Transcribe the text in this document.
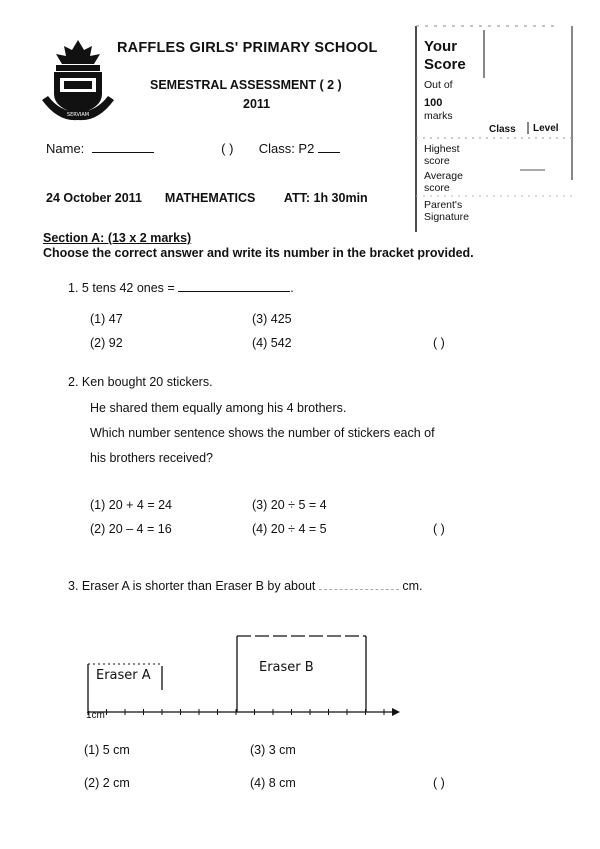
SERVIAM
RAFFLES GIRLS' PRIMARY SCHOOL
SEMESTRAL ASSESSMENT ( 2 )
2011
Your
Score
Out of
100
marks
Class Level
Highest
score
Average
score
Parent's
Signature
Name:	( ) Class: P2
24 October 2011 MATHEMATICS ATT: 1h 30min
Section A: (13 x 2 marks)
Choose the correct answer and write its number in the bracket provided.
1. 5 tens 42 ones =	.
(1) 47	(3) 425
(2) 92	(4) 542	( )
2. Ken bought 20 stickers.
He shared them equally among his 4 brothers.
Which number sentence shows the number of stickers each of
his brothers received?
(1) 20 + 4 = 24	(3) 20 ÷ 5 = 4
(2) 20 – 4 = 16	(4) 20 ÷ 4 = 5	( )
3. Eraser A is shorter than Eraser B by about	cm.
Eraser A
Eraser B
1cm
(1) 5 cm	(3) 3 cm
(2) 2 cm	(4) 8 cm	( )
